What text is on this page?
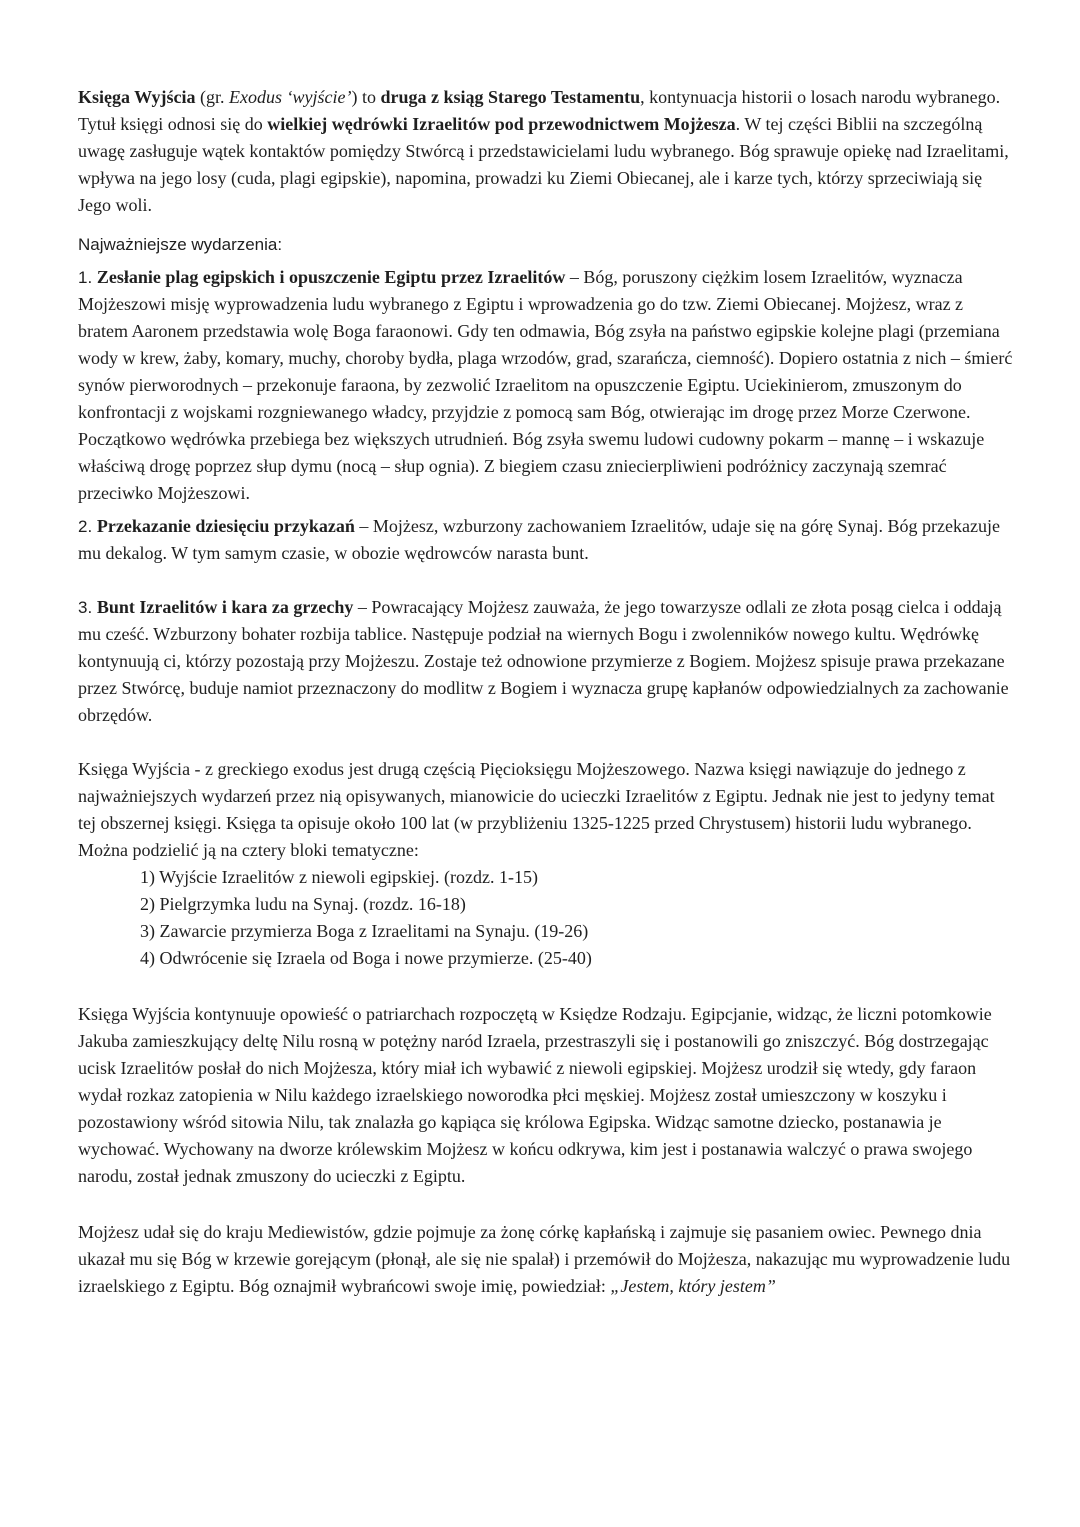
Księga Wyjścia (gr. Exodus ‘wyjście’) to druga z ksiąg Starego Testamentu, kontynuacja historii o losach narodu wybranego. Tytuł księgi odnosi się do wielkiej wędrówki Izraelitów pod przewodnictwem Mojżesza. W tej części Biblii na szczególną uwagę zasługuje wątek kontaktów pomiędzy Stwórcą i przedstawicielami ludu wybranego. Bóg sprawuje opiekę nad Izraelitami, wpływa na jego losy (cuda, plagi egipskie), napomina, prowadzi ku Ziemi Obiecanej, ale i karze tych, którzy sprzeciwiają się Jego woli.

Najważniejsze wydarzenia:

1. Zesłanie plag egipskich i opuszczenie Egiptu przez Izraelitów – Bóg, poruszony ciężkim losem Izraelitów, wyznacza Mojżeszowi misję wyprowadzenia ludu wybranego z Egiptu i wprowadzenia go do tzw. Ziemi Obiecanej. Mojżesz, wraz z bratem Aaronem przedstawia wolę Boga faraonowi. Gdy ten odmawia, Bóg zsyła na państwo egipskie kolejne plagi (przemiana wody w krew, żaby, komary, muchy, choroby bydła, plaga wrzodów, grad, szarańcza, ciemność). Dopiero ostatnia z nich – śmierć synów pierworodnych – przekonuje faraona, by zezwolić Izraelitom na opuszczenie Egiptu. Uciekinierom, zmuszonym do konfrontacji z wojskami rozgniewanego władcy, przyjdzie z pomocą sam Bóg, otwierając im drogę przez Morze Czerwone. Początkowo wędrówka przebiega bez większych utrudnień. Bóg zsyła swemu ludowi cudowny pokarm – mannę – i wskazuje właściwą drogę poprzez słup dymu (nocą – słup ognia). Z biegiem czasu zniecierpliwieni podróżnicy zaczynają szemrać przeciwko Mojżeszowi.

2. Przekazanie dziesięciu przykazań – Mojżesz, wzburzony zachowaniem Izraelitów, udaje się na górę Synaj. Bóg przekazuje mu dekalog. W tym samym czasie, w obozie wędrowców narasta bunt.

3. Bunt Izraelitów i kara za grzechy – Powracający Mojżesz zauważa, że jego towarzysze odlali ze złota posąg cielca i oddają mu cześć. Wzburzony bohater rozbija tablice. Następuje podział na wiernych Bogu i zwolenników nowego kultu. Wędrówkę kontynuują ci, którzy pozostają przy Mojżeszu. Zostaje też odnowione przymierze z Bogiem. Mojżesz spisuje prawa przekazane przez Stwórcę, buduje namiot przeznaczony do modlitw z Bogiem i wyznacza grupę kapłanów odpowiedzialnych za zachowanie obrzędów.

Księga Wyjścia - z greckiego exodus jest drugą częścią Pięcioksięgu Mojżeszowego. Nazwa księgi nawiązuje do jednego z najważniejszych wydarzeń przez nią opisywanych, mianowicie do ucieczki Izraelitów z Egiptu. Jednak nie jest to jedyny temat tej obszernej księgi. Księga ta opisuje około 100 lat (w przybliżeniu 1325-1225 przed Chrystusem) historii ludu wybranego. Można podzielić ją na cztery bloki tematyczne:

1) Wyjście Izraelitów z niewoli egipskiej. (rozdz. 1-15)
2) Pielgrzymka ludu na Synaj. (rozdz. 16-18)
3) Zawarcie przymierza Boga z Izraelitami na Synaju. (19-26)
4) Odwrócenie się Izraela od Boga i nowe przymierze. (25-40)

Księga Wyjścia kontynuuje opowieść o patriarchach rozpoczętą w Księdze Rodzaju. Egipcjanie, widząc, że liczni potomkowie Jakuba zamieszkujący deltę Nilu rosną w potężny naród Izraela, przestraszyli się i postanowili go zniszczyć. Bóg dostrzegając ucisk Izraelitów posłał do nich Mojżesza, który miał ich wybawić z niewoli egipskiej. Mojżesz urodził się wtedy, gdy faraon wydał rozkaz zatopienia w Nilu każdego izraelskiego noworodka płci męskiej. Mojżesz został umieszczony w koszyku i pozostawiony wśród sitowia Nilu, tak znalazła go kąpiąca się królowa Egipska. Widząc samotne dziecko, postanawia je wychować. Wychowany na dworze królewskim Mojżesz w końcu odkrywa, kim jest i postanawia walczyć o prawa swojego narodu, został jednak zmuszony do ucieczki z Egiptu.

Mojżesz udał się do kraju Mediewistów, gdzie pojmuje za żonę córkę kapłańską i zajmuje się pasaniem owiec. Pewnego dnia ukazał mu się Bóg w krzewie gorejącym (płonął, ale się nie spalał) i przemówił do Mojżesza, nakazując mu wyprowadzenie ludu izraelskiego z Egiptu. Bóg oznajmił wybrańcowi swoje imię, powiedział: „Jestem, który jestem”
